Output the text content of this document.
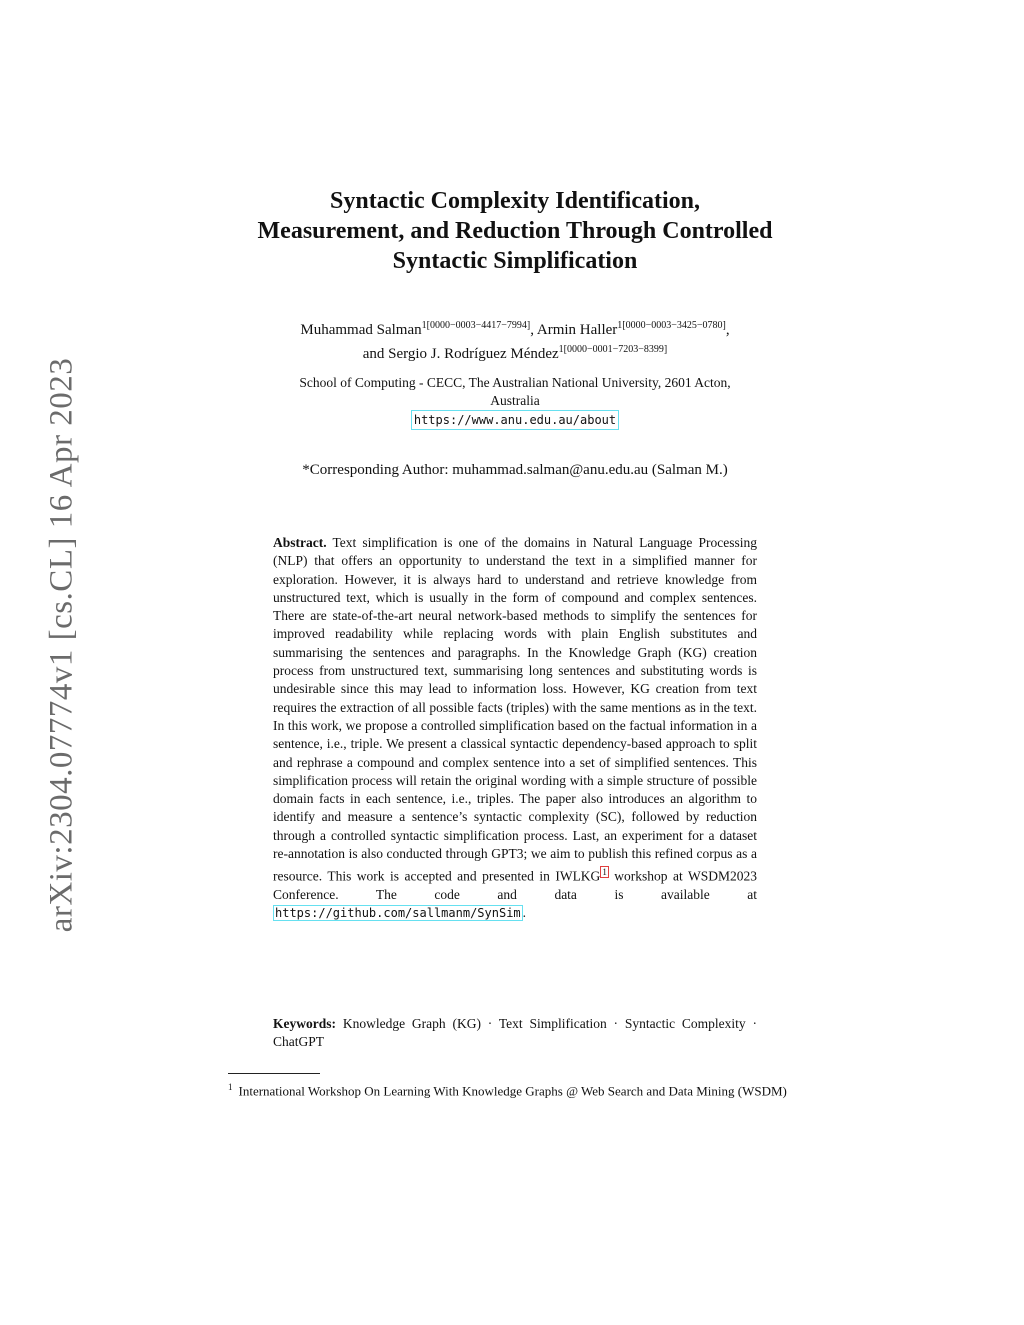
arXiv:2304.07774v1 [cs.CL] 16 Apr 2023
Syntactic Complexity Identification,
Measurement, and Reduction Through Controlled
Syntactic Simplification
Muhammad Salman$^{1[0000-0003-4417-7994]}$, Armin Haller$^{1[0000-0003-3425-0780]}$,
and Sergio J. Rodríguez Méndez$^{1[0000-0001-7203-8399]}$
School of Computing - CECC, The Australian National University, 2601 Acton,
Australia
https://www.anu.edu.au/about
*Corresponding Author: muhammad.salman@anu.edu.au (Salman M.)
Abstract. Text simplification is one of the domains in Natural Language Processing (NLP) that offers an opportunity to understand the text in a simplified manner for exploration. However, it is always hard to understand and retrieve knowledge from unstructured text, which is usually in the form of compound and complex sentences. There are state-of-the-art neural network-based methods to simplify the sentences for improved readability while replacing words with plain English substitutes and summarising the sentences and paragraphs. In the Knowledge Graph (KG) creation process from unstructured text, summarising long sentences and substituting words is undesirable since this may lead to information loss. However, KG creation from text requires the extraction of all possible facts (triples) with the same mentions as in the text. In this work, we propose a controlled simplification based on the factual information in a sentence, i.e., triple. We present a classical syntactic dependency-based approach to split and rephrase a compound and complex sentence into a set of simplified sentences. This simplification process will retain the original wording with a simple structure of possible domain facts in each sentence, i.e., triples. The paper also introduces an algorithm to identify and measure a sentence’s syntactic complexity (SC), followed by reduction through a controlled syntactic simplification process. Last, an experiment for a dataset re-annotation is also conducted through GPT3; we aim to publish this refined corpus as a resource. This work is accepted and presented in IWLKG $^1$ workshop at WSDM2023 Conference. The code and data is available at https://github.com/sallmanm/SynSim .
Keywords: Knowledge Graph (KG) · Text Simplification · Syntactic Complexity · ChatGPT
$^1$ International Workshop On Learning With Knowledge Graphs @ Web Search and Data Mining (WSDM)
